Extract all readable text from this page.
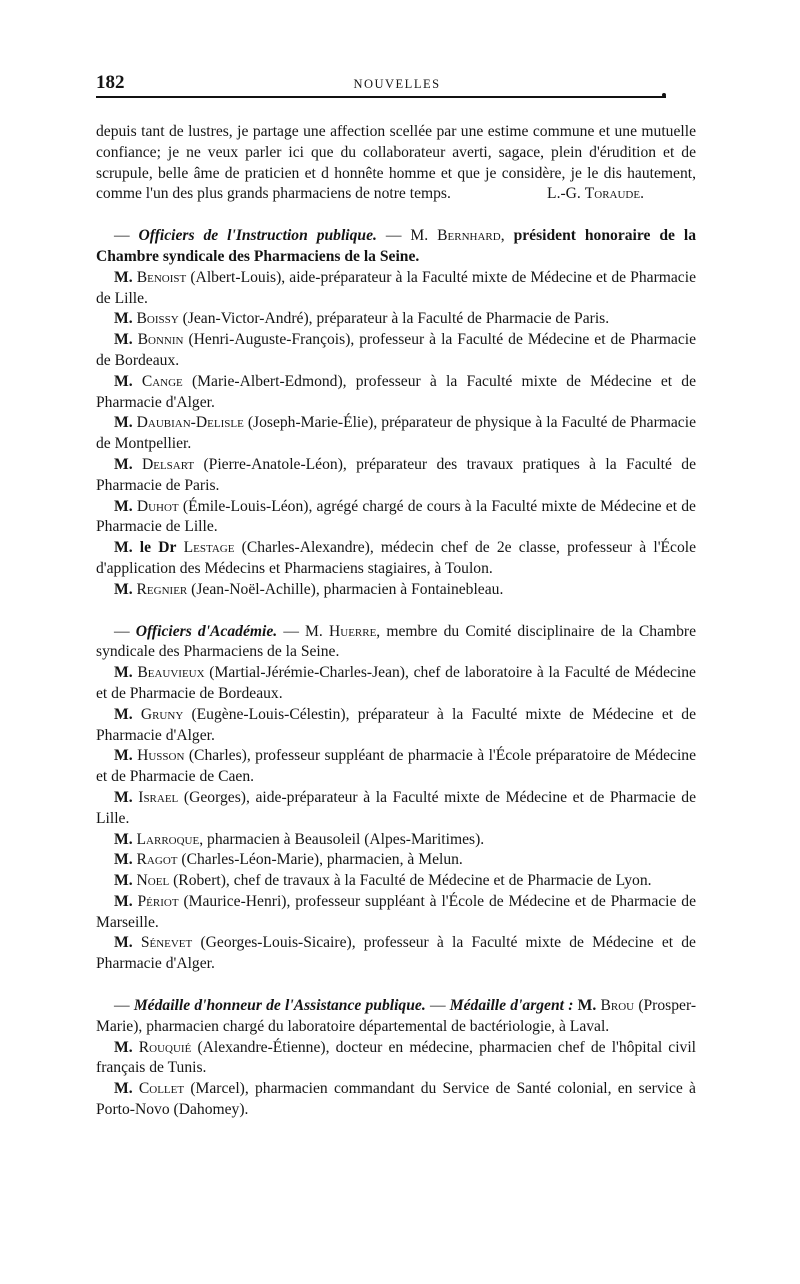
182	NOUVELLES

depuis tant de lustres, je partage une affection scellée par une estime commune et une mutuelle confiance; je ne veux parler ici que du collaborateur averti, sagace, plein d'érudition et de scrupule, belle âme de praticien et d honnête homme et que je considère, je le dis hautement, comme l'un des plus grands pharmaciens de notre temps.	L.-G. Toraude.

— Officiers de l'Instruction publique. — M. Bernhard, président honoraire de la Chambre syndicale des Pharmaciens de la Seine.

M. Benoist (Albert-Louis), aide-préparateur à la Faculté mixte de Médecine et de Pharmacie de Lille.

M. Boissy (Jean-Victor-André), préparateur à la Faculté de Pharmacie de Paris.

M. Bonnin (Henri-Auguste-François), professeur à la Faculté de Médecine et de Pharmacie de Bordeaux.

M. Cange (Marie-Albert-Edmond), professeur à la Faculté mixte de Médecine et de Pharmacie d'Alger.

M. Daubian-Delisle (Joseph-Marie-Élie), préparateur de physique à la Faculté de Pharmacie de Montpellier.

M. Delsart (Pierre-Anatole-Léon), préparateur des travaux pratiques à la Faculté de Pharmacie de Paris.

M. Duhot (Émile-Louis-Léon), agrégé chargé de cours à la Faculté mixte de Médecine et de Pharmacie de Lille.

M. le Dr Lestage (Charles-Alexandre), médecin chef de 2e classe, professeur à l'École d'application des Médecins et Pharmaciens stagiaires, à Toulon.

M. Regnier (Jean-Noël-Achille), pharmacien à Fontainebleau.

— Officiers d'Académie. — M. Huerre, membre du Comité disciplinaire de la Chambre syndicale des Pharmaciens de la Seine.

M. Beauvieux (Martial-Jérémie-Charles-Jean), chef de laboratoire à la Faculté de Médecine et de Pharmacie de Bordeaux.

M. Gruny (Eugène-Louis-Célestin), préparateur à la Faculté mixte de Médecine et de Pharmacie d'Alger.

M. Husson (Charles), professeur suppléant de pharmacie à l'École préparatoire de Médecine et de Pharmacie de Caen.

M. Israel (Georges), aide-préparateur à la Faculté mixte de Médecine et de Pharmacie de Lille.

M. Larroque, pharmacien à Beausoleil (Alpes-Maritimes).

M. Ragot (Charles-Léon-Marie), pharmacien, à Melun.

M. Noel (Robert), chef de travaux à la Faculté de Médecine et de Pharmacie de Lyon.

M. Périot (Maurice-Henri), professeur suppléant à l'École de Médecine et de Pharmacie de Marseille.

M. Sénevet (Georges-Louis-Sicaire), professeur à la Faculté mixte de Médecine et de Pharmacie d'Alger.

— Médaille d'honneur de l'Assistance publique. — Médaille d'argent : M. Brou (Prosper-Marie), pharmacien chargé du laboratoire départemental de bactériologie, à Laval.

M. Rouquié (Alexandre-Étienne), docteur en médecine, pharmacien chef de l'hôpital civil français de Tunis.

M. Collet (Marcel), pharmacien commandant du Service de Santé colonial, en service à Porto-Novo (Dahomey).
